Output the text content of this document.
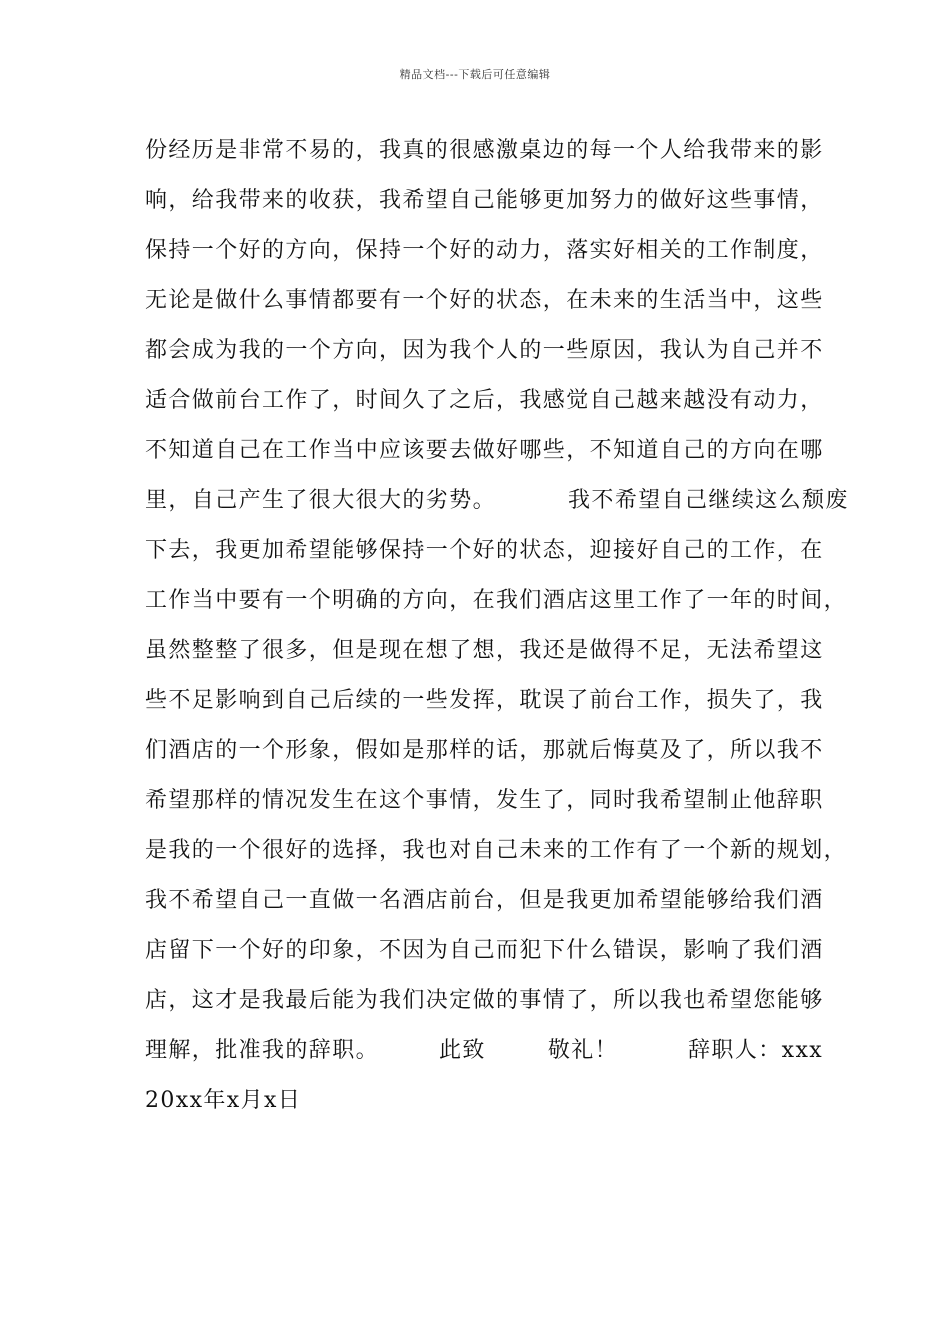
精品文档---下载后可任意编辑
份经历是非常不易的，我真的很感激桌边的每一个人给我带来的影
响，给我带来的收获，我希望自己能够更加努力的做好这些事情，
保持一个好的方向，保持一个好的动力，落实好相关的工作制度，
无论是做什么事情都要有一个好的状态，在未来的生活当中，这些
都会成为我的一个方向，因为我个人的一些原因，我认为自己并不
适合做前台工作了，时间久了之后，我感觉自己越来越没有动力，
不知道自己在工作当中应该要去做好哪些，不知道自己的方向在哪
里，自己产生了很大很大的劣势。	我不希望自己继续这么颓废
下去，我更加希望能够保持一个好的状态，迎接好自己的工作，在
工作当中要有一个明确的方向，在我们酒店这里工作了一年的时间，
虽然整整了很多，但是现在想了想，我还是做得不足，无法希望这
些不足影响到自己后续的一些发挥，耽误了前台工作，损失了，我
们酒店的一个形象，假如是那样的话，那就后悔莫及了，所以我不
希望那样的情况发生在这个事情，发生了，同时我希望制止他辞职
是我的一个很好的选择，我也对自己未来的工作有了一个新的规划，
我不希望自己一直做一名酒店前台，但是我更加希望能够给我们酒
店留下一个好的印象，不因为自己而犯下什么错误，影响了我们酒
店，这才是我最后能为我们决定做的事情了，所以我也希望您能够
理解，批准我的辞职。	此致	敬礼！	辞职人：xxx
20xx年x月x日
